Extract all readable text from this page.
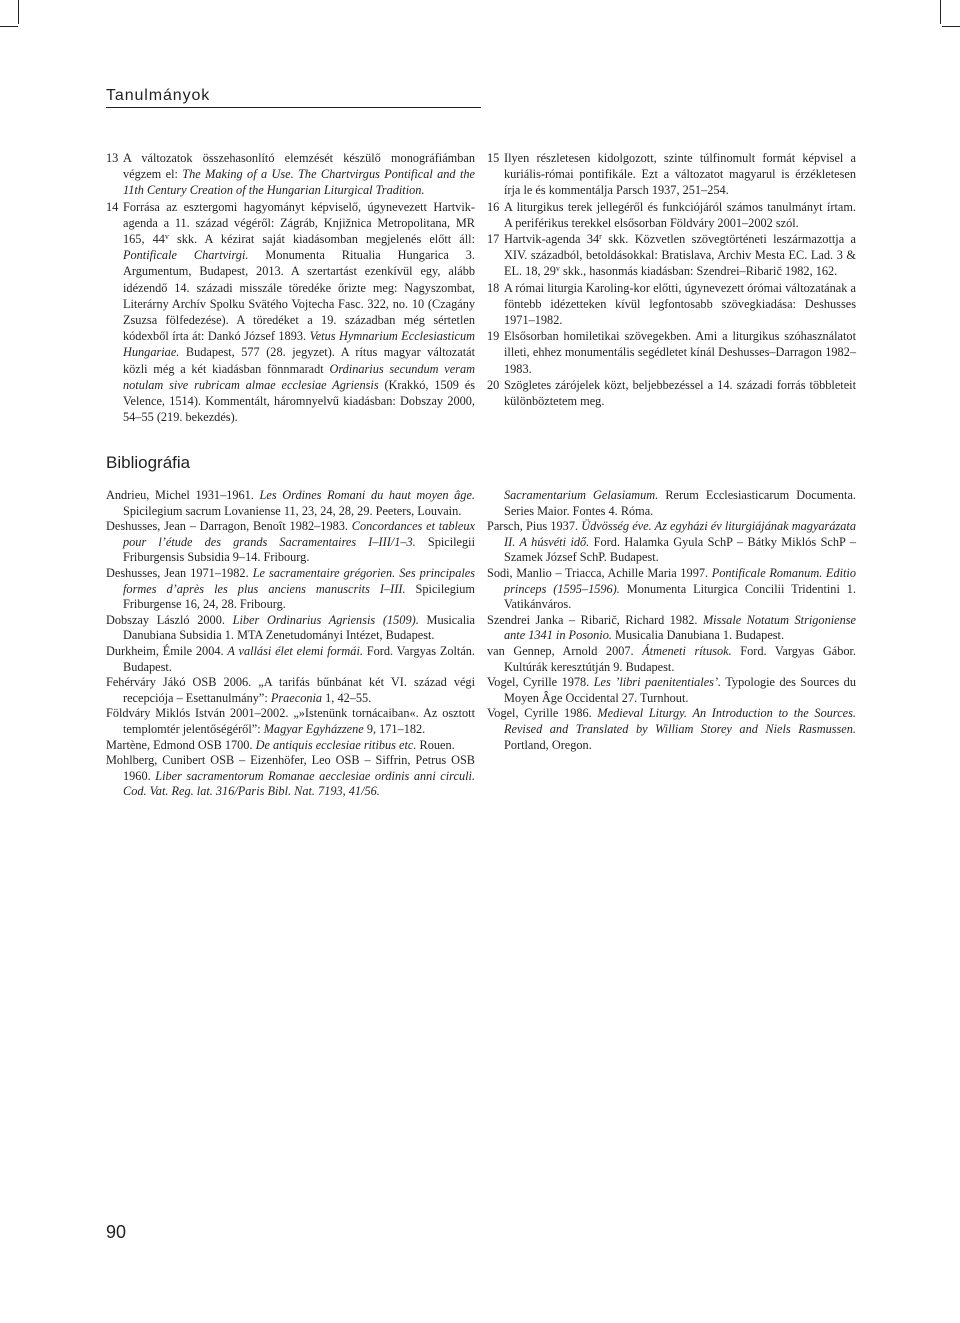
Tanulmányok
13 A változatok összehasonlító elemzését készülő monográfiámban végzem el: The Making of a Use. The Chartvirgus Pontifical and the 11th Century Creation of the Hungarian Liturgical Tradition.
14 Forrása az esztergomi hagyományt képviselő, úgynevezett Hartvik-agenda a 11. század végéről: Zágráb, Knjižnica Metropolitana, MR 165, 44$^v$ skk. A kézirat saját kiadásomban megjelenés előtt áll: Pontificale Chartvirgi. Monumenta Ritualia Hungarica 3. Argumentum, Budapest, 2013. A szertartást ezenkívül egy, alább idézendő 14. századi misszále töredéke őrizte meg: Nagyszombat, Literárny Archív Spolku Svätého Vojtecha Fasc. 322, no. 10 (Czagány Zsuzsa fölfedezése). A töredéket a 19. században még sértetlen kódexből írta át: Dankó József 1893. Vetus Hymnarium Ecclesiasticum Hungariae. Budapest, 577 (28. jegyzet). A rítus magyar változatát közli még a két kiadásban fönnmaradt Ordinarius secundum veram notulam sive rubricam almae ecclesiae Agriensis (Krakkó, 1509 és Velence, 1514). Kommentált, háromnyelvű kiadásban: Dobszay 2000, 54–55 (219. bekezdés).
15 Ilyen részletesen kidolgozott, szinte túlfinomult formát képvisel a kuriális-római pontifikále. Ezt a változatot magyarul is érzékletesen írja le és kommentálja Parsch 1937, 251–254.
16 A liturgikus terek jellegéről és funkciójáról számos tanulmányt írtam. A periférikus terekkel elsősorban Földváry 2001–2002 szól.
17 Hartvik-agenda 34$^r$ skk. Közvetlen szövegtörténeti leszármazottja a XIV. századból, betoldásokkal: Bratislava, Archiv Mesta EC. Lad. 3 & EL. 18, 29$^v$ skk., hasonmás kiadásban: Szendrei–Ribarič 1982, 162.
18 A római liturgia Karoling-kor előtti, úgynevezett órómai változatának a föntebb idézetteken kívül legfontosabb szövegkiadása: Deshusses 1971–1982.
19 Elsősorban homiletikai szövegekben. Ami a liturgikus szóhasználatot illeti, ehhez monumentális segédletet kínál Deshusses–Darragon 1982–1983.
20 Szögletes zárójelek közt, beljebbezéssel a 14. századi forrás többleteit különböztetem meg.
Bibliográfia

Andrieu, Michel 1931–1961. Les Ordines Romani du haut moyen âge. Spicilegium sacrum Lovaniense 11, 23, 24, 28, 29. Peeters, Louvain.

Deshusses, Jean – Darragon, Benoît 1982–1983. Concordances et tableux pour l’étude des grands Sacramentaires I–III/1–3. Spicilegii Friburgensis Subsidia 9–14. Fribourg.

Deshusses, Jean 1971–1982. Le sacramentaire grégorien. Ses principales formes d’après les plus anciens manuscrits I–III. Spicilegium Friburgense 16, 24, 28. Fribourg.

Dobszay László 2000. Liber Ordinarius Agriensis (1509). Musicalia Danubiana Subsidia 1. MTA Zenetudományi Intézet, Budapest.

Durkheim, Émile 2004. A vallási élet elemi formái. Ford. Vargyas Zoltán. Budapest.

Fehérváry Jákó OSB 2006. „A tarifás bűnbánat két VI. század végi recepciója – Esettanulmány”: Praeconia 1, 42–55.

Földváry Miklós István 2001–2002. „»Istenünk tornácaiban«. Az osztott templomtér jelentőségéről”: Magyar Egyházzene 9, 171–182.

Martène, Edmond OSB 1700. De antiquis ecclesiae ritibus etc. Rouen.

Mohlberg, Cunibert OSB – Eizenhöfer, Leo OSB – Siffrin, Petrus OSB 1960. Liber sacramentorum Romanae aecclesiae ordinis anni circuli. Cod. Vat. Reg. lat. 316/Paris Bibl. Nat. 7193, 41/56.

Sacramentarium Gelasiamum. Rerum Ecclesiasticarum Documenta. Series Maior. Fontes 4. Róma.

Parsch, Pius 1937. Üdvösség éve. Az egyházi év liturgiájának magyarázata II. A húsvéti idő. Ford. Halamka Gyula SchP – Bátky Miklós SchP – Szamek József SchP. Budapest.

Sodi, Manlio – Triacca, Achille Maria 1997. Pontificale Romanum. Editio princeps (1595–1596). Monumenta Liturgica Concilii Tridentini 1. Vatikánváros.

Szendrei Janka – Ribarič, Richard 1982. Missale Notatum Strigoniense ante 1341 in Posonio. Musicalia Danubiana 1. Budapest.

van Gennep, Arnold 2007. Átmeneti rítusok. Ford. Vargyas Gábor. Kultúrák keresztútján 9. Budapest.

Vogel, Cyrille 1978. Les ’libri paenitentiales’. Typologie des Sources du Moyen Âge Occidental 27. Turnhout.

Vogel, Cyrille 1986. Medieval Liturgy. An Introduction to the Sources. Revised and Translated by William Storey and Niels Rasmussen. Portland, Oregon.

90
